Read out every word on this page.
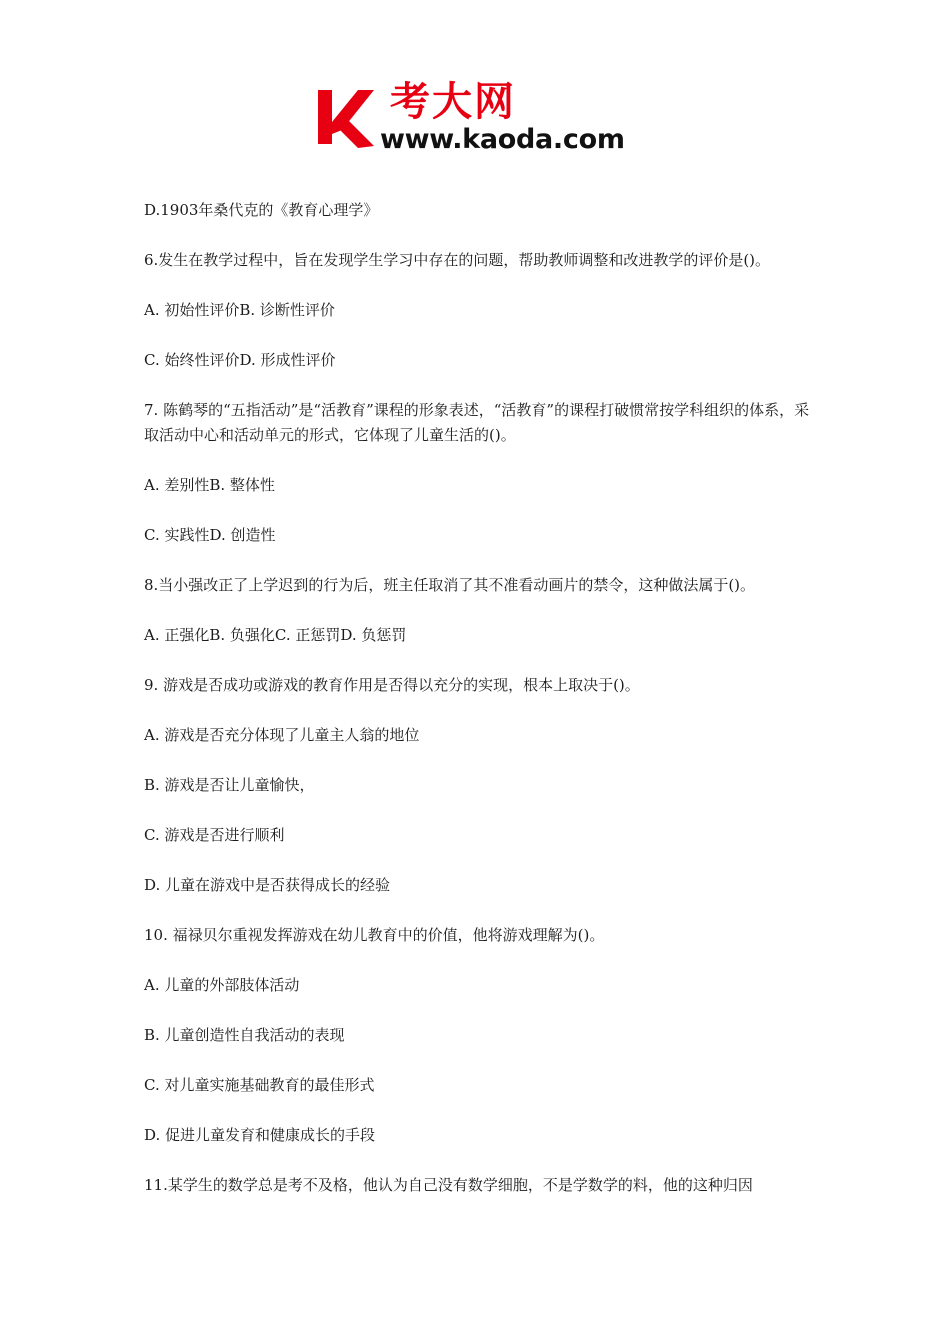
考大网
www.kaoda.com

D.1903年桑代克的《教育心理学》

6.发生在教学过程中，旨在发现学生学习中存在的问题，帮助教师调整和改进教学的评价是()。

A. 初始性评价B. 诊断性评价

C. 始终性评价D. 形成性评价

7. 陈鹤琴的“五指活动”是“活教育”课程的形象表述，“活教育”的课程打破惯常按学科组织的体系，采取活动中心和活动单元的形式，它体现了儿童生活的()。

A. 差别性B. 整体性

C. 实践性D. 创造性

8.当小强改正了上学迟到的行为后，班主任取消了其不准看动画片的禁令，这种做法属于()。

A. 正强化B. 负强化C. 正惩罚D. 负惩罚

9. 游戏是否成功或游戏的教育作用是否得以充分的实现，根本上取决于()。

A. 游戏是否充分体现了儿童主人翁的地位

B. 游戏是否让儿童愉快，

C. 游戏是否进行顺利

D. 儿童在游戏中是否获得成长的经验

10. 福禄贝尔重视发挥游戏在幼儿教育中的价值，他将游戏理解为()。

A. 儿童的外部肢体活动

B. 儿童创造性自我活动的表现

C. 对儿童实施基础教育的最佳形式

D. 促进儿童发育和健康成长的手段

11.某学生的数学总是考不及格，他认为自己没有数学细胞，不是学数学的料，他的这种归因
